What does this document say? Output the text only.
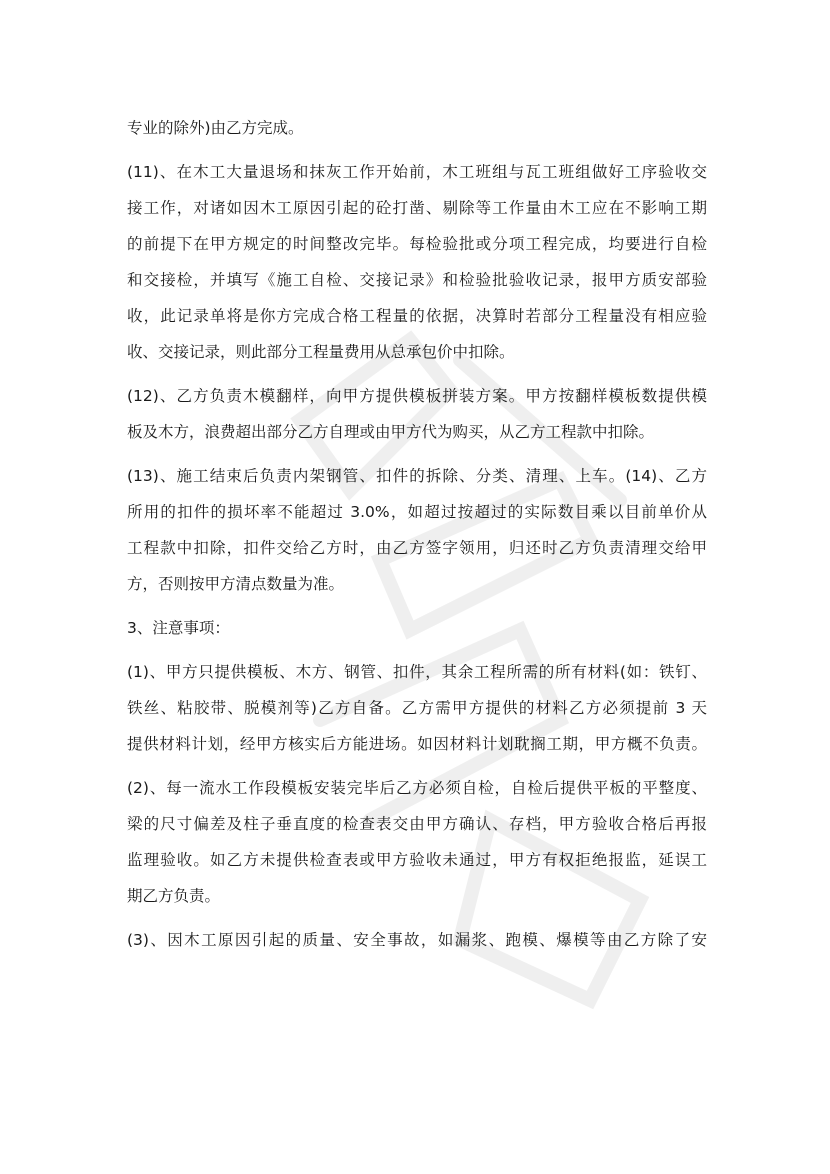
专业的除外)由乙方完成。
(11)、在木工大量退场和抹灰工作开始前，木工班组与瓦工班组做好工序验收交
接工作，对诸如因木工原因引起的砼打凿、剔除等工作量由木工应在不影响工期
的前提下在甲方规定的时间整改完毕。每检验批或分项工程完成，均要进行自检
和交接检，并填写《施工自检、交接记录》和检验批验收记录，报甲方质安部验
收，此记录单将是你方完成合格工程量的依据，决算时若部分工程量没有相应验
收、交接记录，则此部分工程量费用从总承包价中扣除。
(12)、乙方负责木模翻样，向甲方提供模板拼装方案。甲方按翻样模板数提供模
板及木方，浪费超出部分乙方自理或由甲方代为购买，从乙方工程款中扣除。
(13)、施工结束后负责内架钢管、扣件的拆除、分类、清理、上车。(14)、乙方
所用的扣件的损坏率不能超过 3.0%，如超过按超过的实际数目乘以目前单价从
工程款中扣除，扣件交给乙方时，由乙方签字领用，归还时乙方负责清理交给甲
方，否则按甲方清点数量为准。
3、注意事项：
(1)、甲方只提供模板、木方、钢管、扣件，其余工程所需的所有材料(如：铁钉、
铁丝、粘胶带、脱模剂等)乙方自备。乙方需甲方提供的材料乙方必须提前 3 天
提供材料计划，经甲方核实后方能进场。如因材料计划耽搁工期，甲方概不负责。
(2)、每一流水工作段模板安装完毕后乙方必须自检，自检后提供平板的平整度、
梁的尺寸偏差及柱子垂直度的检查表交由甲方确认、存档，甲方验收合格后再报
监理验收。如乙方未提供检查表或甲方验收未通过，甲方有权拒绝报监，延误工
期乙方负责。
(3)、因木工原因引起的质量、安全事故，如漏浆、跑模、爆模等由乙方除了安
